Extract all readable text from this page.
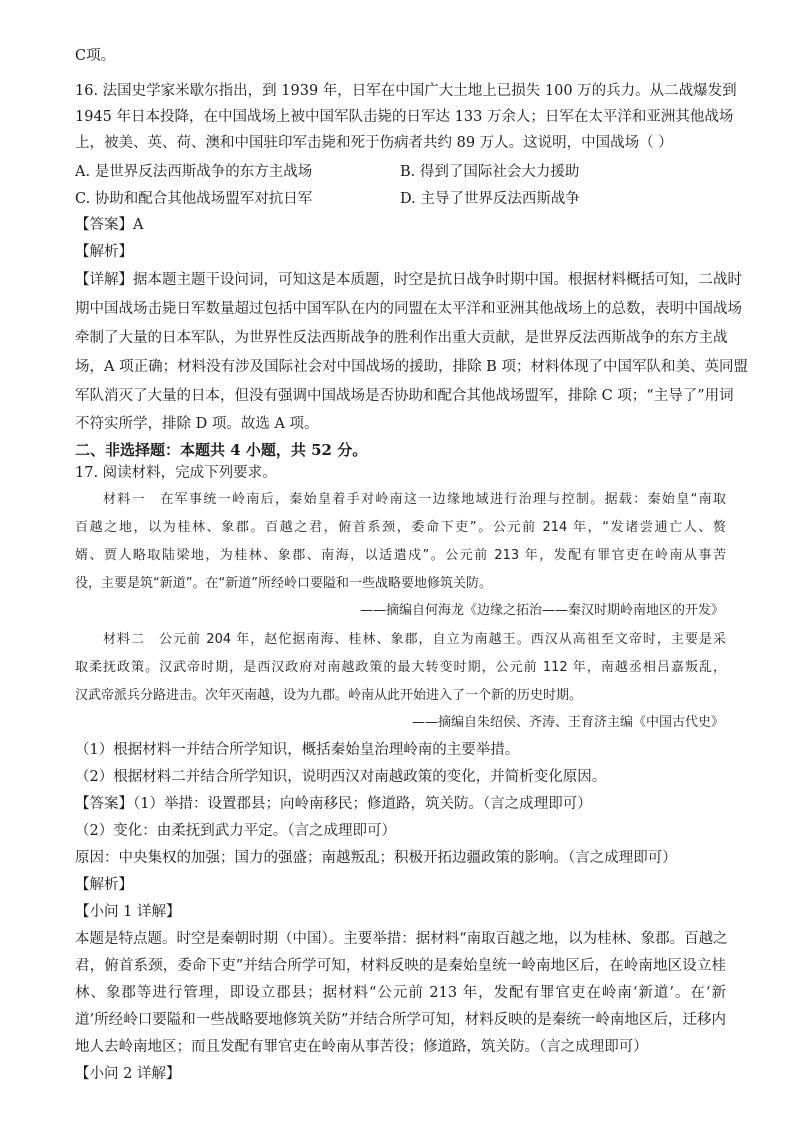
C项。
16. 法国史学家米歇尔指出，到 1939 年，日军在中国广大土地上已损失 100 万的兵力。从二战爆发到
1945 年日本投降，在中国战场上被中国军队击毙的日军达 133 万余人；日军在太平洋和亚洲其他战场
上，被美、英、荷、澳和中国驻印军击毙和死于伤病者共约 89 万人。这说明，中国战场（ ）
A. 是世界反法西斯战争的东方主战场	B. 得到了国际社会大力援助
C. 协助和配合其他战场盟军对抗日军	D. 主导了世界反法西斯战争
【答案】A
【解析】
【详解】据本题主题干设问词，可知这是本质题，时空是抗日战争时期中国。根据材料概括可知，二战时
期中国战场击毙日军数量超过包括中国军队在内的同盟在太平洋和亚洲其他战场上的总数，表明中国战场
牵制了大量的日本军队，为世界性反法西斯战争的胜利作出重大贡献，是世界反法西斯战争的东方主战
场，A 项正确；材料没有涉及国际社会对中国战场的援助，排除 B 项；材料体现了中国军队和美、英同盟
军队消灭了大量的日本，但没有强调中国战场是否协助和配合其他战场盟军，排除 C 项；“主导了”用词
不符实所学，排除 D 项。故选 A 项。
二、非选择题：本题共 4 小题，共 52 分。
17. 阅读材料，完成下列要求。
材料一　在军事统一岭南后，秦始皇着手对岭南这一边缘地域进行治理与控制。据载：秦始皇“南取
百越之地，以为桂林、象郡。百越之君，俯首系颈，委命下吏”。公元前 214 年，“发诸尝逋亡人、赘
婿、贾人略取陆梁地，为桂林、象郡、南海，以适遣戍”。公元前 213 年，发配有罪官吏在岭南从事苦
役，主要是筑“新道”。在“新道”所经岭口要隘和一些战略要地修筑关防。
——摘编自何海龙《边缘之拓治——秦汉时期岭南地区的开发》
材料二　公元前 204 年，赵佗据南海、桂林、象郡，自立为南越王。西汉从高祖至文帝时，主要是采
取柔抚政策。汉武帝时期，是西汉政府对南越政策的最大转变时期，公元前 112 年，南越丞相吕嘉叛乱，
汉武帝派兵分路进击。次年灭南越，设为九郡。岭南从此开始进入了一个新的历史时期。
——摘编自朱绍侯、齐涛、王育济主编《中国古代史》
（1）根据材料一并结合所学知识，概括秦始皇治理岭南的主要举措。
（2）根据材料二并结合所学知识，说明西汉对南越政策的变化，并简析变化原因。
【答案】（1）举措：设置郡县；向岭南移民；修道路，筑关防。（言之成理即可）
（2）变化：由柔抚到武力平定。（言之成理即可）
原因：中央集权的加强；国力的强盛；南越叛乱；积极开拓边疆政策的影响。（言之成理即可）
【解析】
【小问 1 详解】
本题是特点题。时空是秦朝时期（中国）。主要举措：据材料“南取百越之地，以为桂林、象郡。百越之
君，俯首系颈，委命下吏”并结合所学可知，材料反映的是秦始皇统一岭南地区后，在岭南地区设立桂
林、象郡等进行管理，即设立郡县；据材料“公元前 213 年，发配有罪官吏在岭南‘新道’。在‘新
道’所经岭口要隘和一些战略要地修筑关防”并结合所学可知，材料反映的是秦统一岭南地区后，迁移内
地人去岭南地区；而且发配有罪官吏在岭南从事苦役；修道路，筑关防。（言之成理即可）
【小问 2 详解】
